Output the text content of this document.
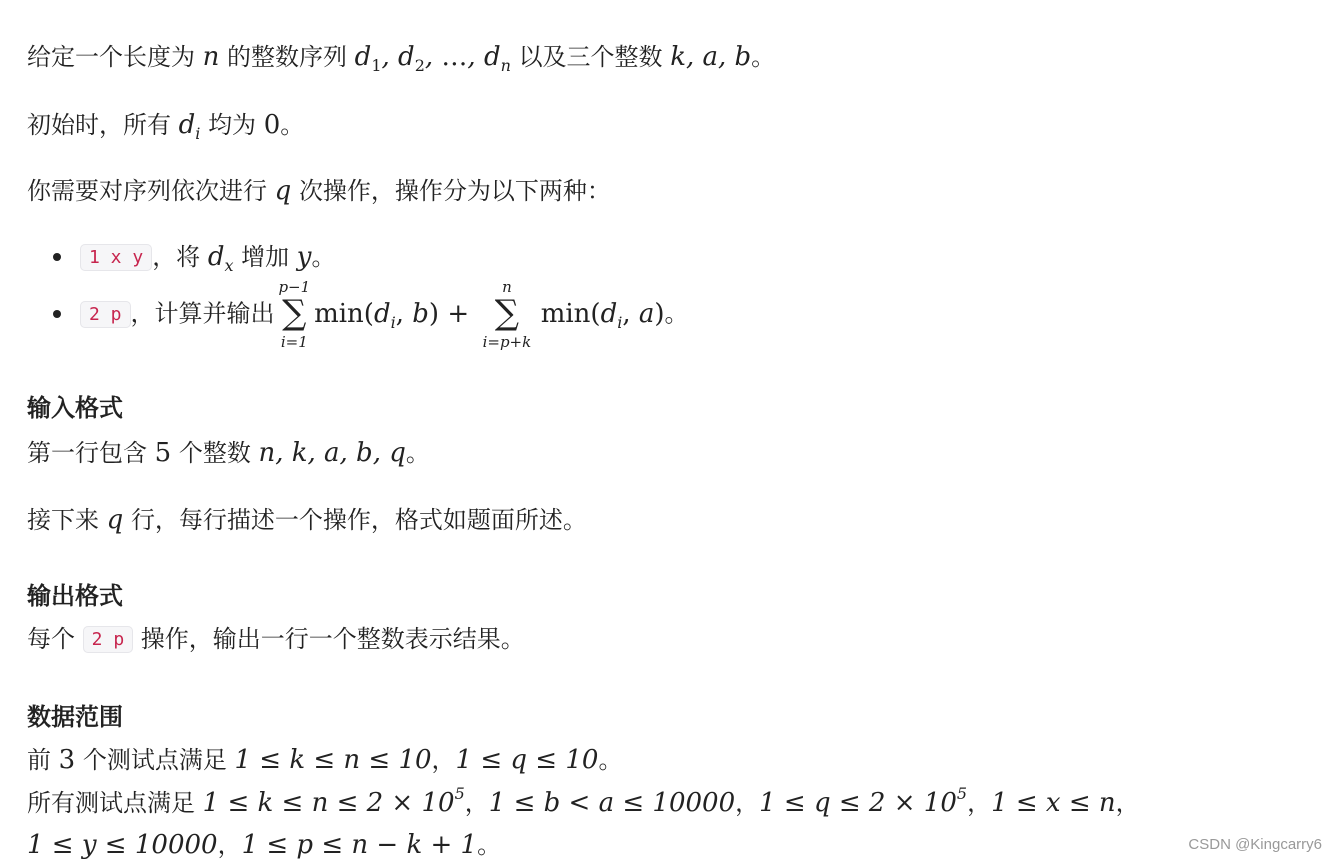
给定一个长度为 n 的整数序列 $d_1$, $d_2$, …, $d_n$ 以及三个整数 k, a, b。
初始时，所有 $d_i$ 均为 0。
你需要对序列依次进行 q 次操作，操作分为以下两种：
1 x y ，将 $d_x$ 增加 y。
2 p ，计算并输出
p−1
∑
i=1
$\min(d_i$, b) +
n
∑
i=p+k
$\min(d_i$, a)。
输入格式
第一行包含 5 个整数 n, k, a, b, q。
接下来 q 行，每行描述一个操作，格式如题面所述。
输出格式
每个 2 p 操作，输出一行一个整数表示结果。
数据范围
前 3 个测试点满足 1 ≤ k ≤ n ≤ 10，1 ≤ q ≤ 10。
所有测试点满足 $1 \le k \le n \le 2 \times 10^5$，1 ≤ b < a ≤ 10000，$1 \le q \le 2 \times 10^5$，1 ≤ x ≤ n，
1 ≤ y ≤ 10000，1 ≤ p ≤ n − k + 1。	CSDN @Kingcarry6
